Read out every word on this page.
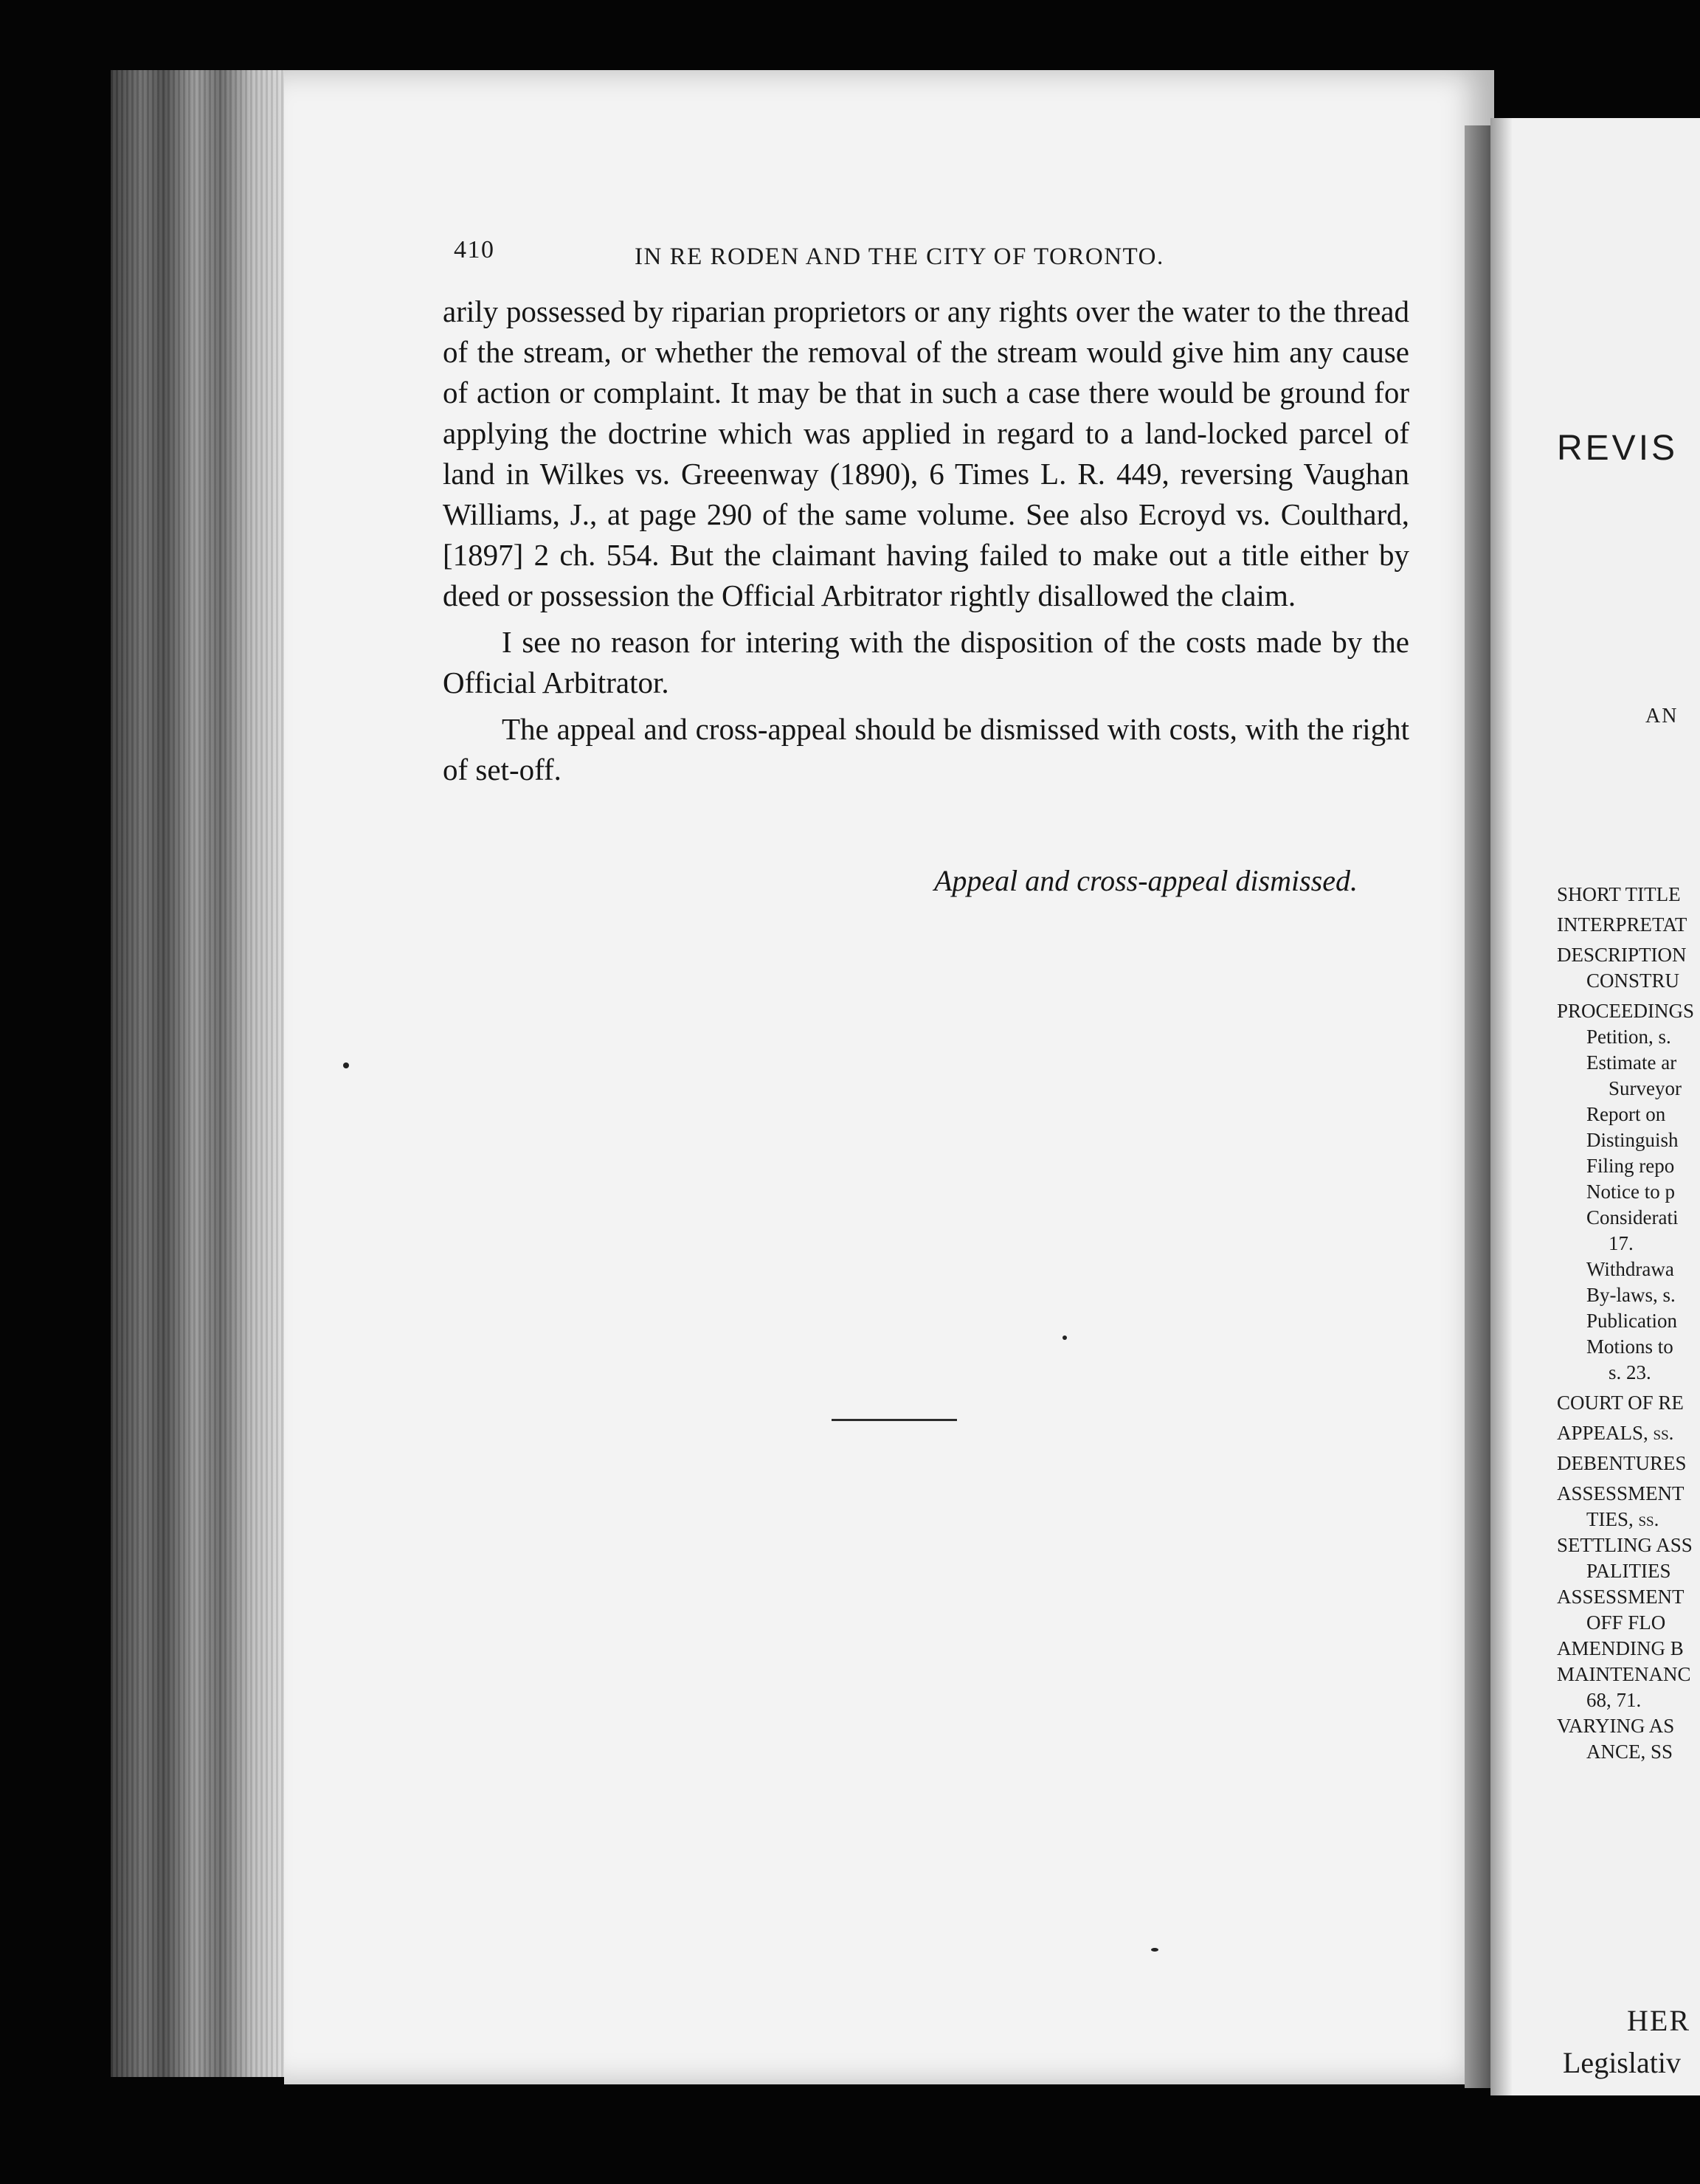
410	IN RE RODEN AND THE CITY OF TORONTO.

arily possessed by riparian proprietors or any rights over the water to the thread of the stream, or whether the removal of the stream would give him any cause of action or complaint. It may be that in such a case there would be ground for applying the doctrine which was applied in regard to a land-locked parcel of land in Wilkes vs. Greeenway (1890), 6 Times L. R. 449, reversing Vaughan Williams, J., at page 290 of the same volume. See also Ecroyd vs. Coulthard, [1897] 2 ch. 554. But the claimant having failed to make out a title either by deed or possession the Official Arbitrator rightly disallowed the claim.

I see no reason for intering with the disposition of the costs made by the Official Arbitrator.

The appeal and cross-appeal should be dismissed with costs, with the right of set-off.

Appeal and cross-appeal dismissed.
REVIS
AN
SHORT TITLE
INTERPRETAT
DESCRIPTION
CONSTRU
PROCEEDINGS
Petition, s.
Estimate ar
Surveyor
Report on
Distinguish
Filing repo
Notice to p
Considerati
17.
Withdrawa
By-laws, s.
Publication
Motions to
s. 23.
COURT OF RE
APPEALS, ss.
DEBENTURES
ASSESSMENT
TIES, ss.
SETTLING ASS
PALITIES
ASSESSMENT
OFF FLO
AMENDING B
MAINTENANC
68, 71.
VARYING AS
ANCE, SS
HER
Legislativ
